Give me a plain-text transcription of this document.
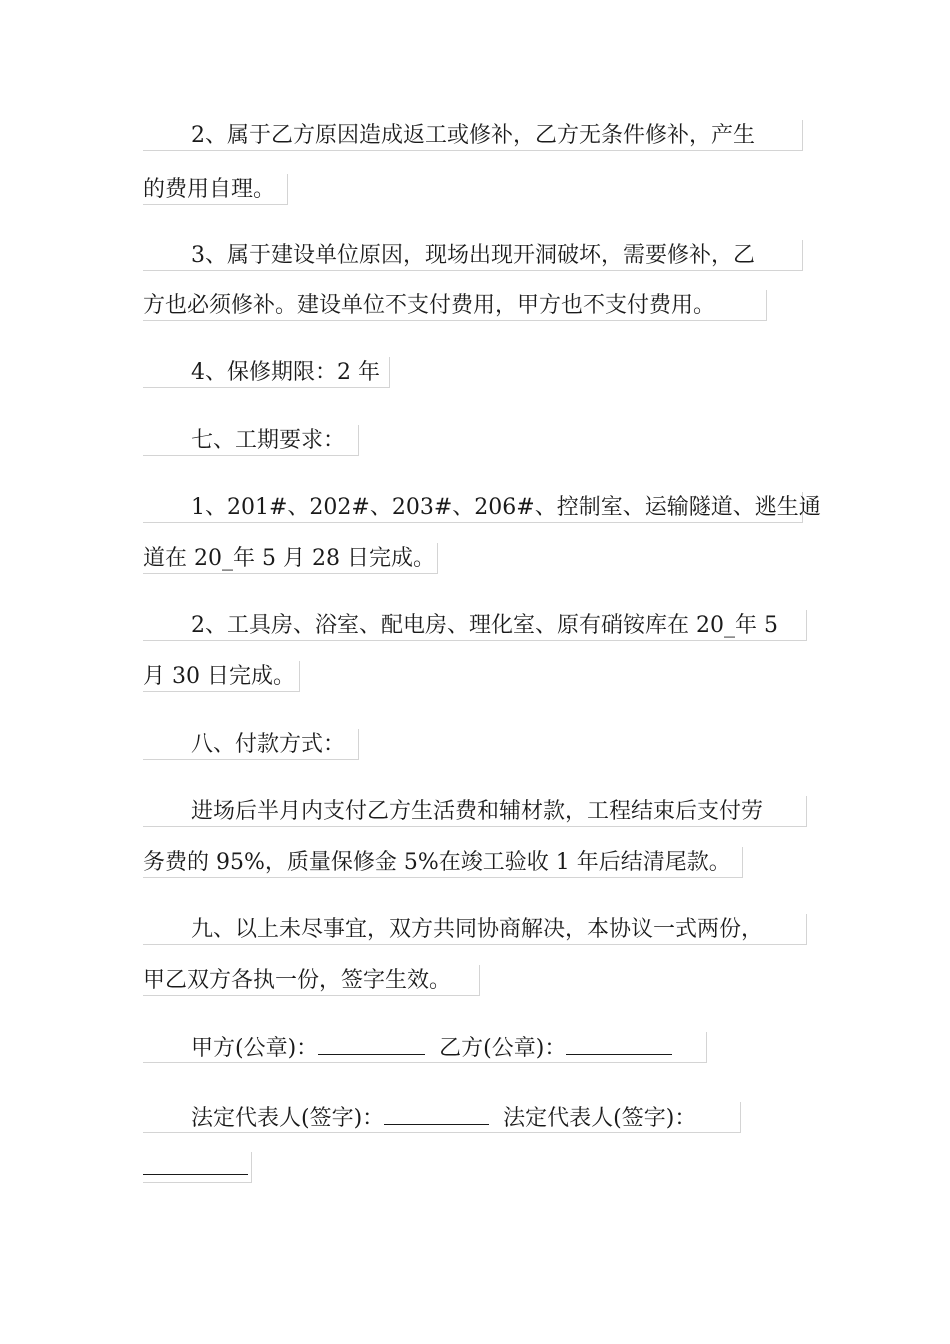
2、属于乙方原因造成返工或修补，乙方无条件修补，产生
的费用自理。
3、属于建设单位原因，现场出现开洞破坏，需要修补，乙
方也必须修补。建设单位不支付费用，甲方也不支付费用。
4、保修期限：2 年
七、工期要求：
1、201#、202#、203#、206#、控制室、运输隧道、逃生通
道在 20_年 5 月 28 日完成。
2、工具房、浴室、配电房、理化室、原有硝铵库在 20_年 5
月 30 日完成。
八、付款方式：
进场后半月内支付乙方生活费和辅材款，工程结束后支付劳
务费的 95%，质量保修金 5%在竣工验收 1 年后结清尾款。
九、以上未尽事宜，双方共同协商解决，本协议一式两份，
甲乙双方各执一份，签字生效。
甲方(公章)：	乙方(公章)：
法定代表人(签字)：	法定代表人(签字)：
